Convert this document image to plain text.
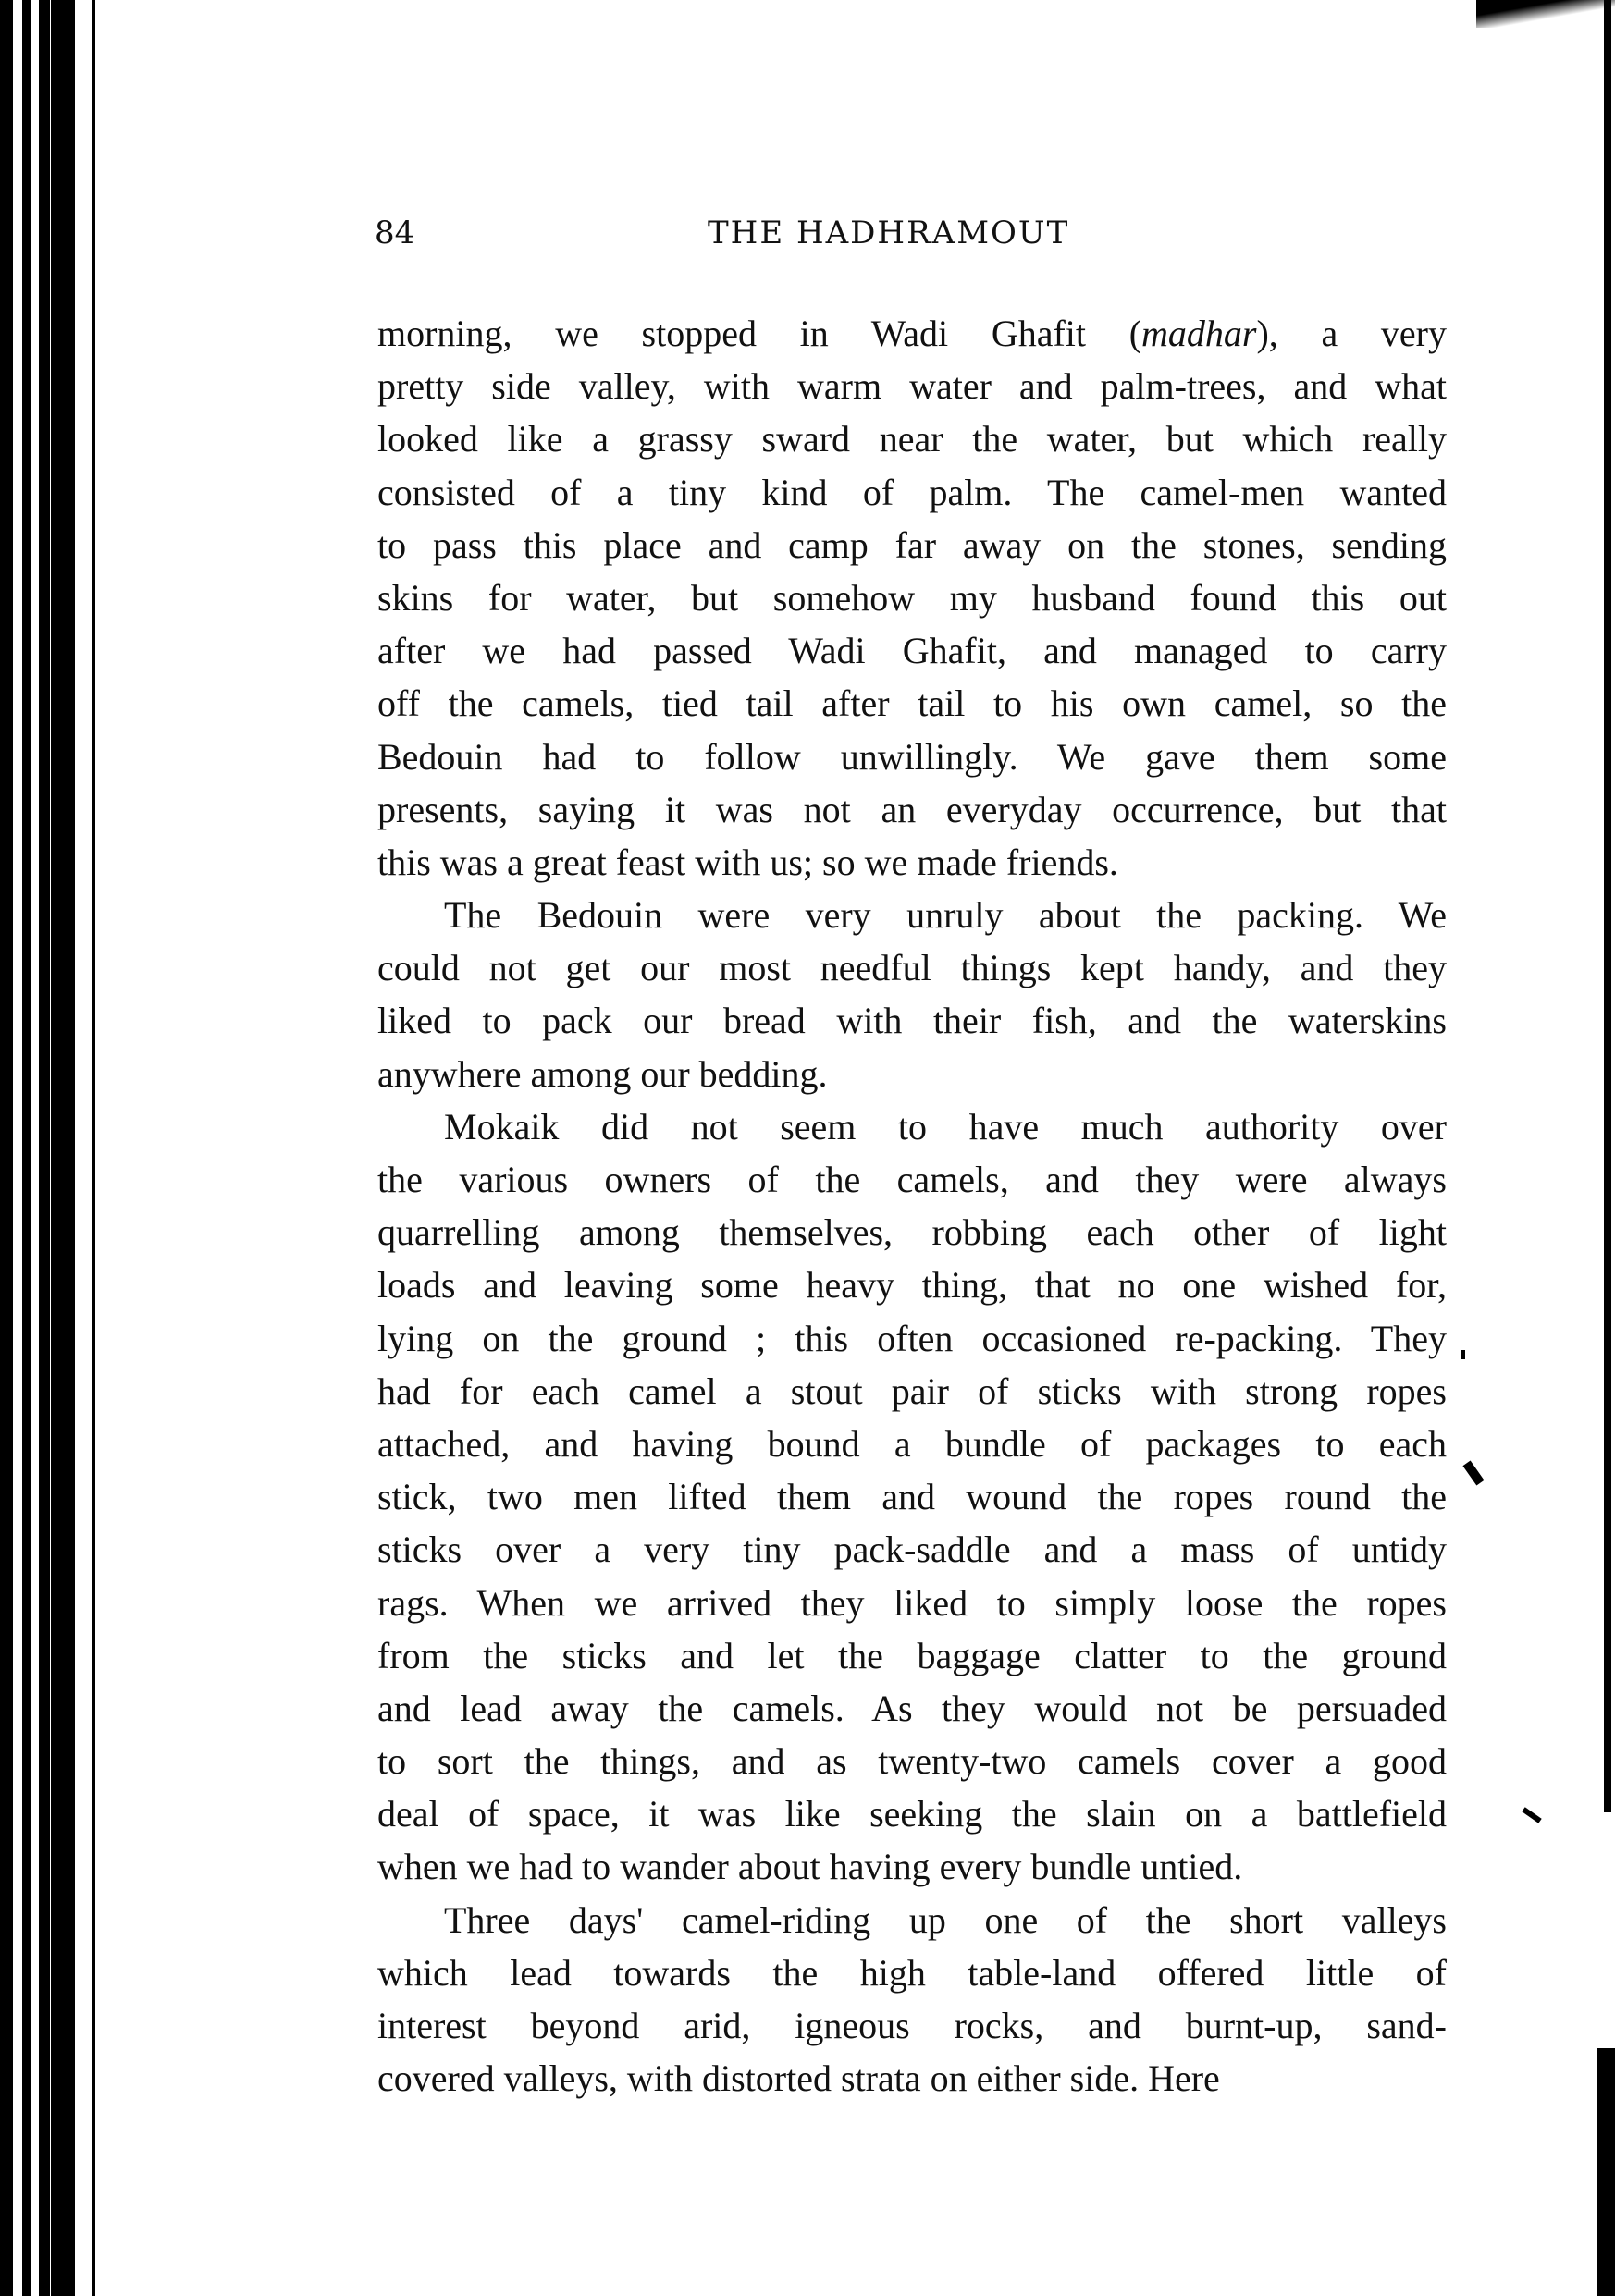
84	THE HADHRAMOUT
morning, we stopped in Wadi Ghafit (madhar), a very
pretty side valley, with warm water and palm-trees, and what
looked like a grassy sward near the water, but which really
consisted of a tiny kind of palm. The camel-men wanted
to pass this place and camp far away on the stones, sending
skins for water, but somehow my husband found this out
after we had passed Wadi Ghafit, and managed to carry
off the camels, tied tail after tail to his own camel, so the
Bedouin had to follow unwillingly. We gave them some
presents, saying it was not an everyday occurrence, but that
this was a great feast with us; so we made friends.
The Bedouin were very unruly about the packing. We
could not get our most needful things kept handy, and they
liked to pack our bread with their fish, and the waterskins
anywhere among our bedding.
Mokaik did not seem to have much authority over
the various owners of the camels, and they were always
quarrelling among themselves, robbing each other of light
loads and leaving some heavy thing, that no one wished for,
lying on the ground ; this often occasioned re-packing. They
had for each camel a stout pair of sticks with strong ropes
attached, and having bound a bundle of packages to each
stick, two men lifted them and wound the ropes round the
sticks over a very tiny pack-saddle and a mass of untidy
rags. When we arrived they liked to simply loose the ropes
from the sticks and let the baggage clatter to the ground
and lead away the camels. As they would not be persuaded
to sort the things, and as twenty-two camels cover a good
deal of space, it was like seeking the slain on a battlefield
when we had to wander about having every bundle untied.
Three days' camel-riding up one of the short valleys
which lead towards the high table-land offered little of
interest beyond arid, igneous rocks, and burnt-up, sand-
covered valleys, with distorted strata on either side. Here
